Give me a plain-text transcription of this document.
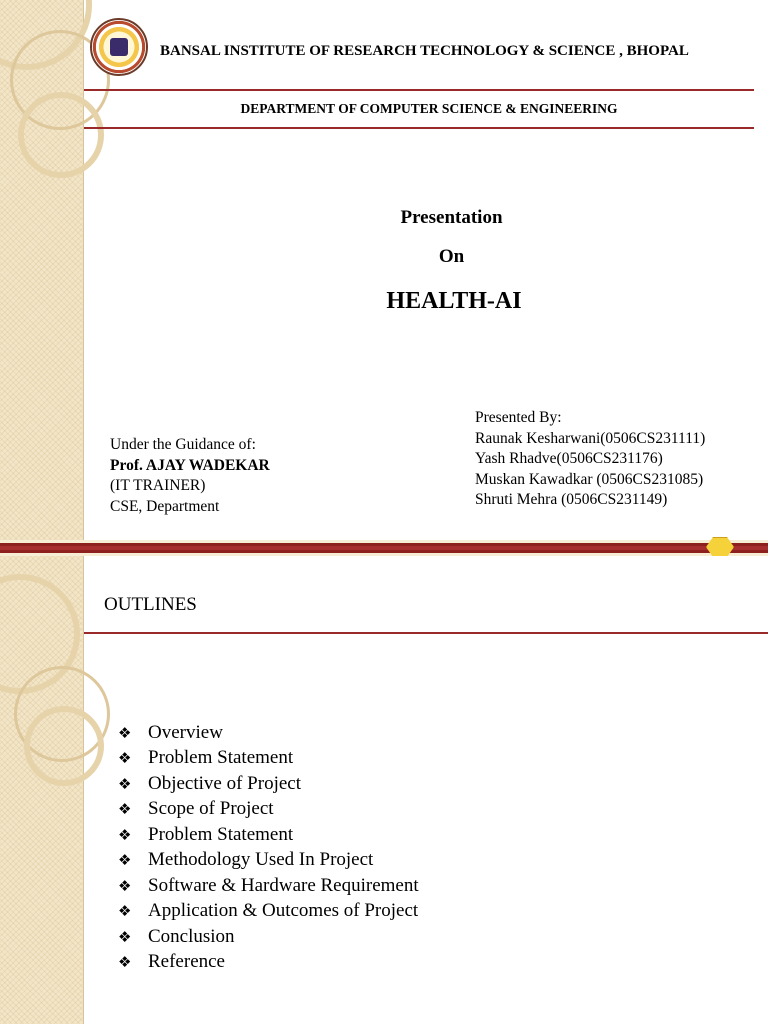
BANSAL INSTITUTE OF RESEARCH TECHNOLOGY & SCIENCE , BHOPAL
DEPARTMENT OF COMPUTER SCIENCE & ENGINEERING
Presentation
On
HEALTH-AI
Under the Guidance of:
Prof. AJAY WADEKAR
(IT TRAINER)
CSE, Department
Presented By:
Raunak Kesharwani(0506CS231111)
Yash Rhadve(0506CS231176)
Muskan Kawadkar (0506CS231085)
Shruti Mehra (0506CS231149)
OUTLINES
❖ Overview
❖ Problem Statement
❖ Objective of Project
❖ Scope of Project
❖ Problem Statement
❖ Methodology Used In Project
❖ Software & Hardware Requirement
❖ Application & Outcomes of Project
❖ Conclusion
❖ Reference
